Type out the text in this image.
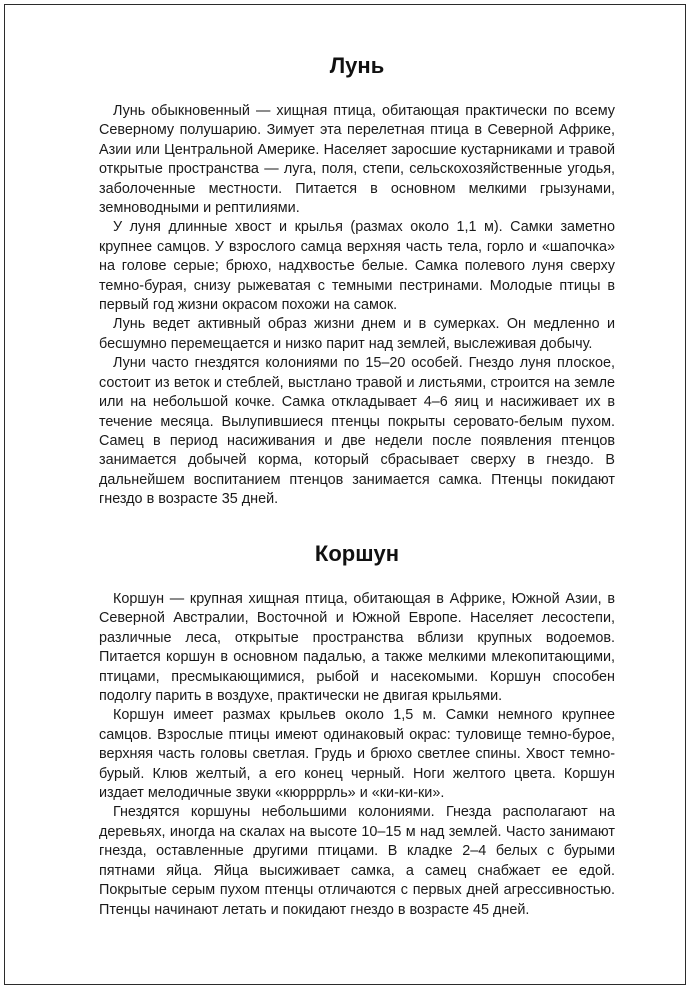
Лунь

Лунь обыкновенный — хищная птица, обитающая практически по всему Северному полушарию. Зимует эта перелетная птица в Северной Африке, Азии или Центральной Америке. Населяет заросшие кустарниками и травой открытые пространства — луга, поля, степи, сельскохозяйственные угодья, заболоченные местности. Питается в основном мелкими грызунами, земноводными и рептилиями.

У луня длинные хвост и крылья (размах около 1,1 м). Самки заметно крупнее самцов. У взрослого самца верхняя часть тела, горло и «шапочка» на голове серые; брюхо, надхвостье белые. Самка полевого луня сверху темно-бурая, снизу рыжеватая с темными пестринами. Молодые птицы в первый год жизни окрасом похожи на самок.

Лунь ведет активный образ жизни днем и в сумерках. Он медленно и бесшумно перемещается и низко парит над землей, выслеживая добычу.

Луни часто гнездятся колониями по 15–20 особей. Гнездо луня плоское, состоит из веток и стеблей, выстлано травой и листьями, строится на земле или на небольшой кочке. Самка откладывает 4–6 яиц и насиживает их в течение месяца. Вылупившиеся птенцы покрыты серовато-белым пухом. Самец в период насиживания и две недели после появления птенцов занимается добычей корма, который сбрасывает сверху в гнездо. В дальнейшем воспитанием птенцов занимается самка. Птенцы покидают гнездо в возрасте 35 дней.

Коршун

Коршун — крупная хищная птица, обитающая в Африке, Южной Азии, в Северной Австралии, Восточной и Южной Европе. Населяет лесостепи, различные леса, открытые пространства вблизи крупных водоемов. Питается коршун в основном падалью, а также мелкими млекопитающими, птицами, пресмыкающимися, рыбой и насекомыми. Коршун способен подолгу парить в воздухе, практически не двигая крыльями.

Коршун имеет размах крыльев около 1,5 м. Самки немного крупнее самцов. Взрослые птицы имеют одинаковый окрас: туловище темно-бурое, верхняя часть головы светлая. Грудь и брюхо светлее спины. Хвост темно-бурый. Клюв желтый, а его конец черный. Ноги желтого цвета. Коршун издает мелодичные звуки «кюррррль» и «ки-ки-ки».

Гнездятся коршуны небольшими колониями. Гнезда располагают на деревьях, иногда на скалах на высоте 10–15 м над землей. Часто занимают гнезда, оставленные другими птицами. В кладке 2–4 белых с бурыми пятнами яйца. Яйца высиживает самка, а самец снабжает ее едой. Покрытые серым пухом птенцы отличаются с первых дней агрессивностью. Птенцы начинают летать и покидают гнездо в возрасте 45 дней.
